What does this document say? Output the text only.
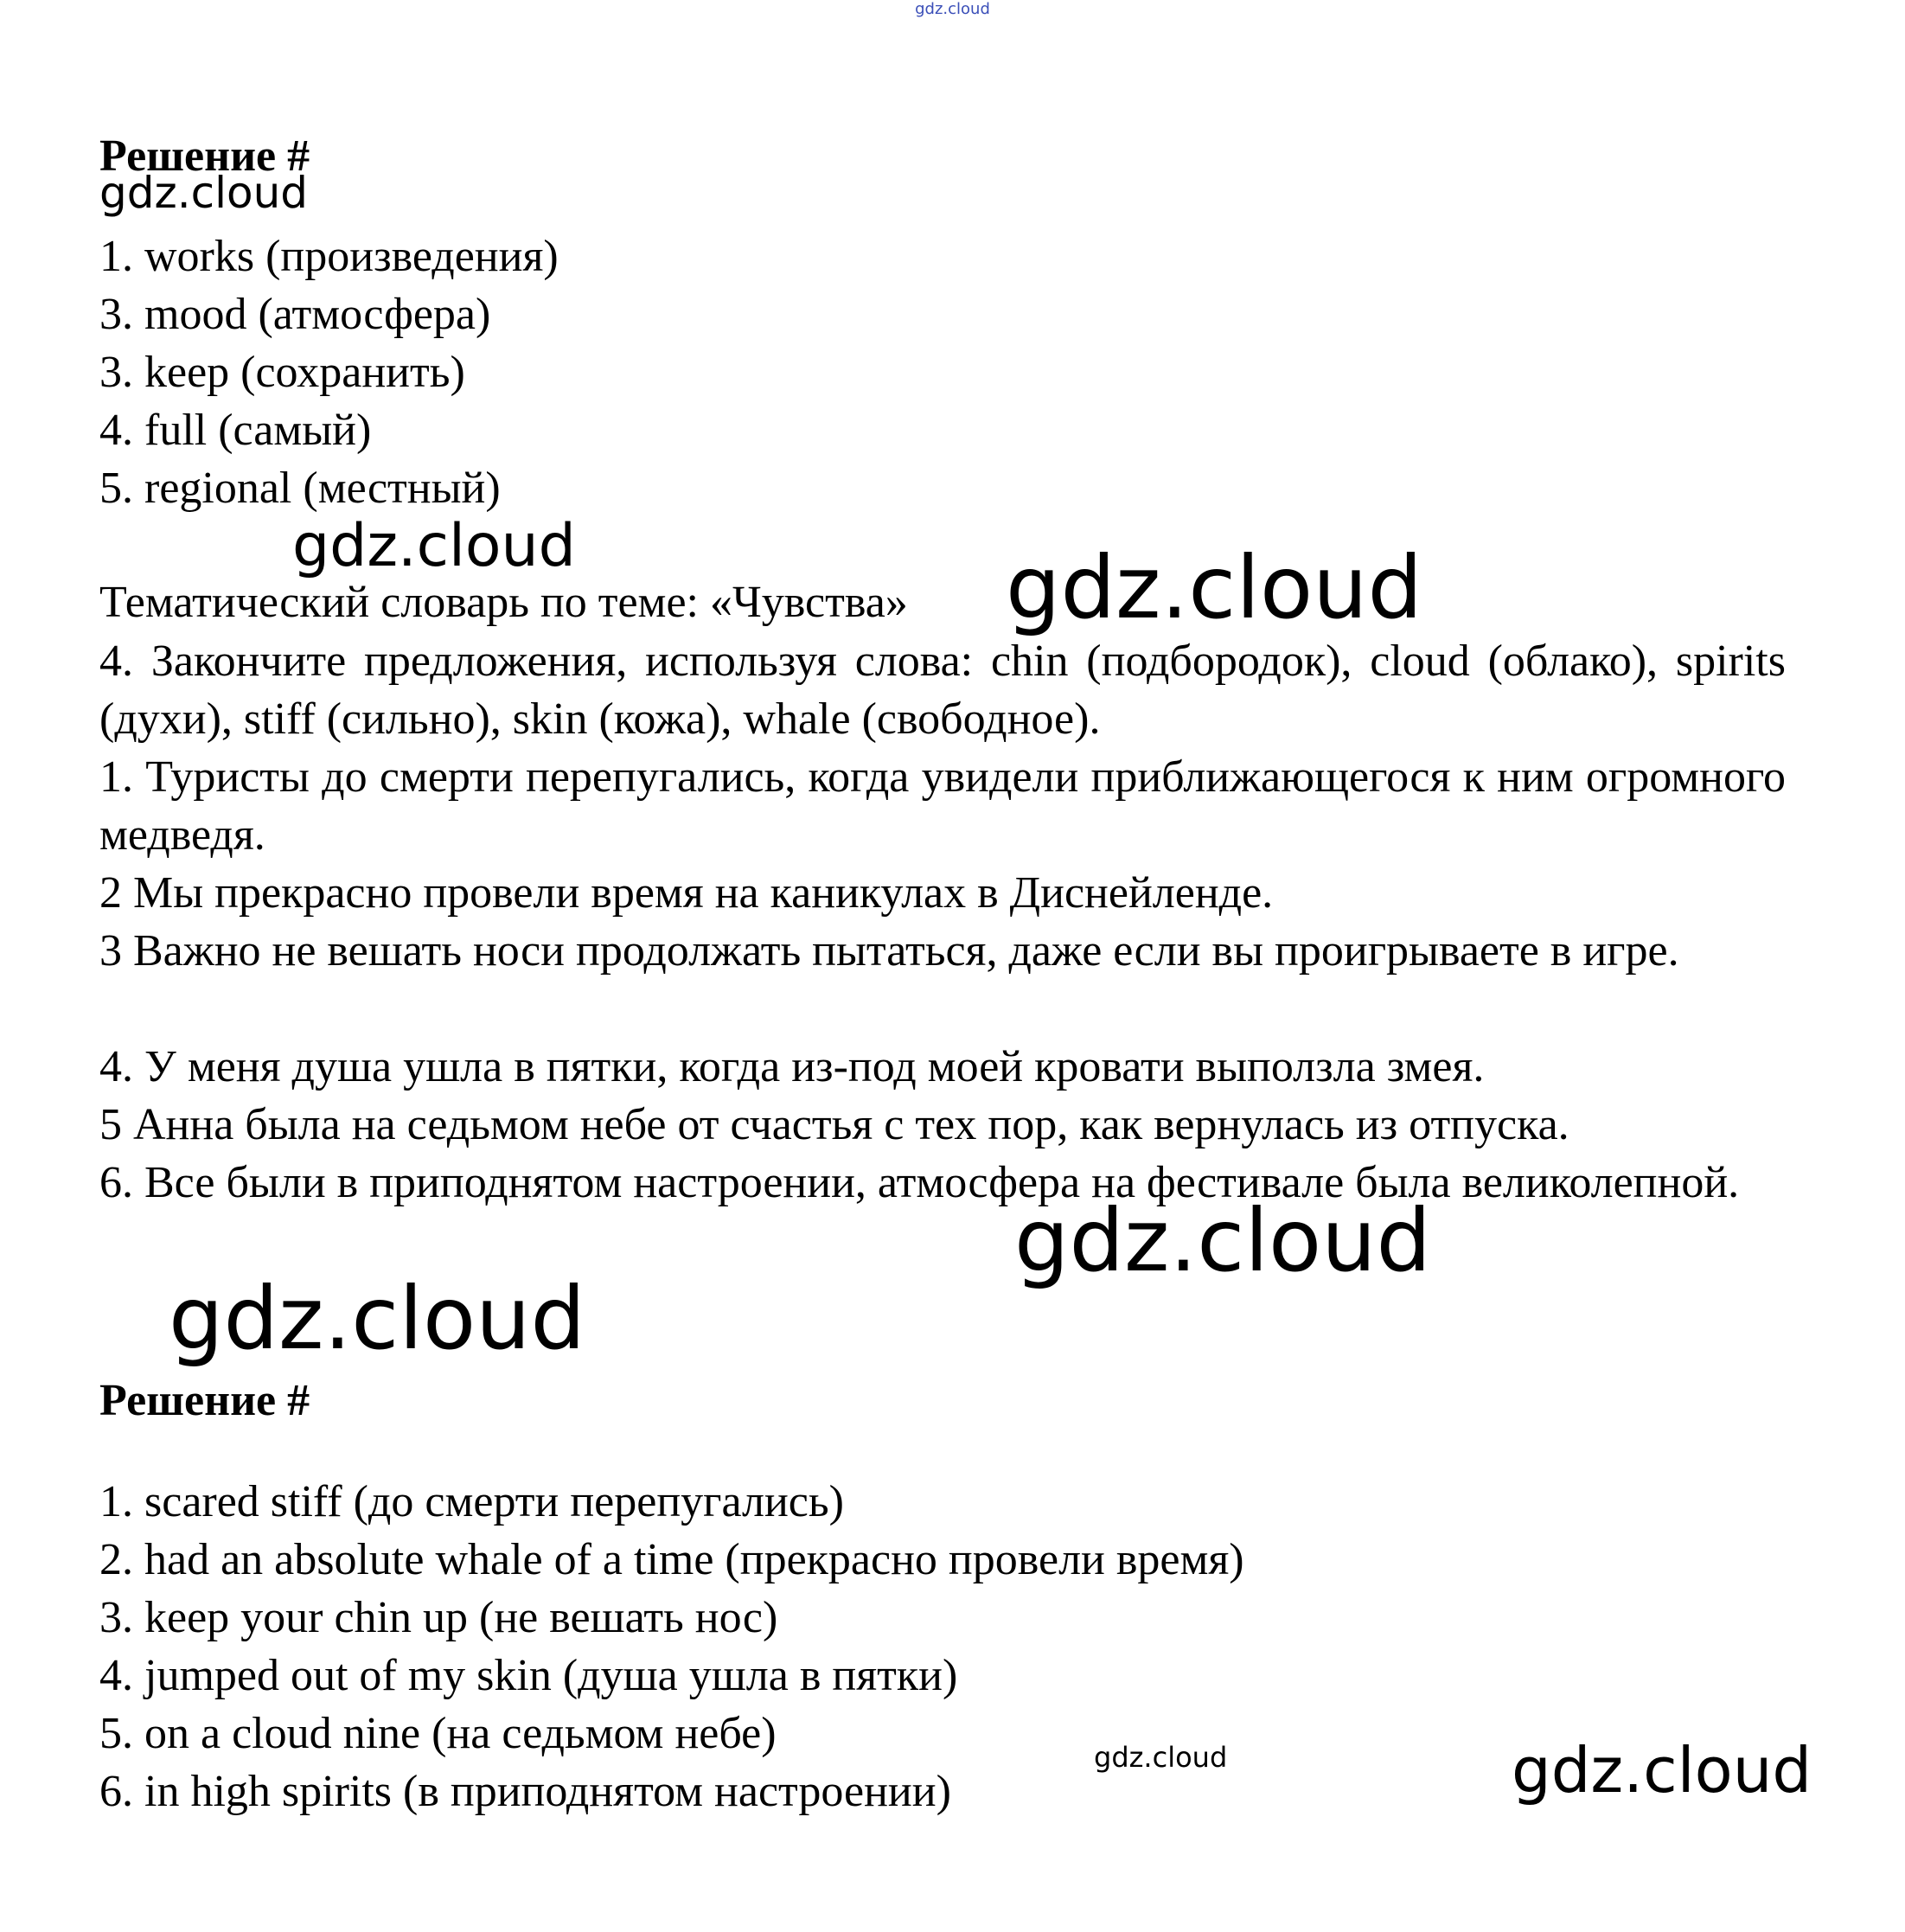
gdz.cloud
Решение #
gdz.cloud
1. works (произведения)
3. mood (атмосфера)
3. keep (сохранить)
4. full (самый)
5. regional (местный)
gdz.cloud
Тематический словарь по теме: «Чувства» gdz.cloud
4. Закончите предложения, используя слова: chin (подбородок), cloud (облако), spirits (духи), stiff (сильно), skin (кожа), whale (свободное).
1. Туристы до смерти перепугались, когда увидели приближающегося к ним огромного медведя.
2 Мы прекрасно провели время на каникулах в Диснейленде.
3 Важно не вешать носи продолжать пытаться, даже если вы проигрываете в игре.
4. У меня душа ушла в пятки, когда из-под моей кровати выползла змея.
5 Анна была на седьмом небе от счастья с тех пор, как вернулась из отпуска.
6. Все были в приподнятом настроении, атмосфера на фестивале была великолепной.
gdz.cloud
gdz.cloud
Решение #
1. scared stiff (до смерти перепугались)
2. had an absolute whale of a time (прекрасно провели время)
3. keep your chin up (не вешать нос)
4. jumped out of my skin (душа ушла в пятки)
5. on a cloud nine (на седьмом небе)
6. in high spirits (в приподнятом настроении)
gdz.cloud	gdz.cloud
